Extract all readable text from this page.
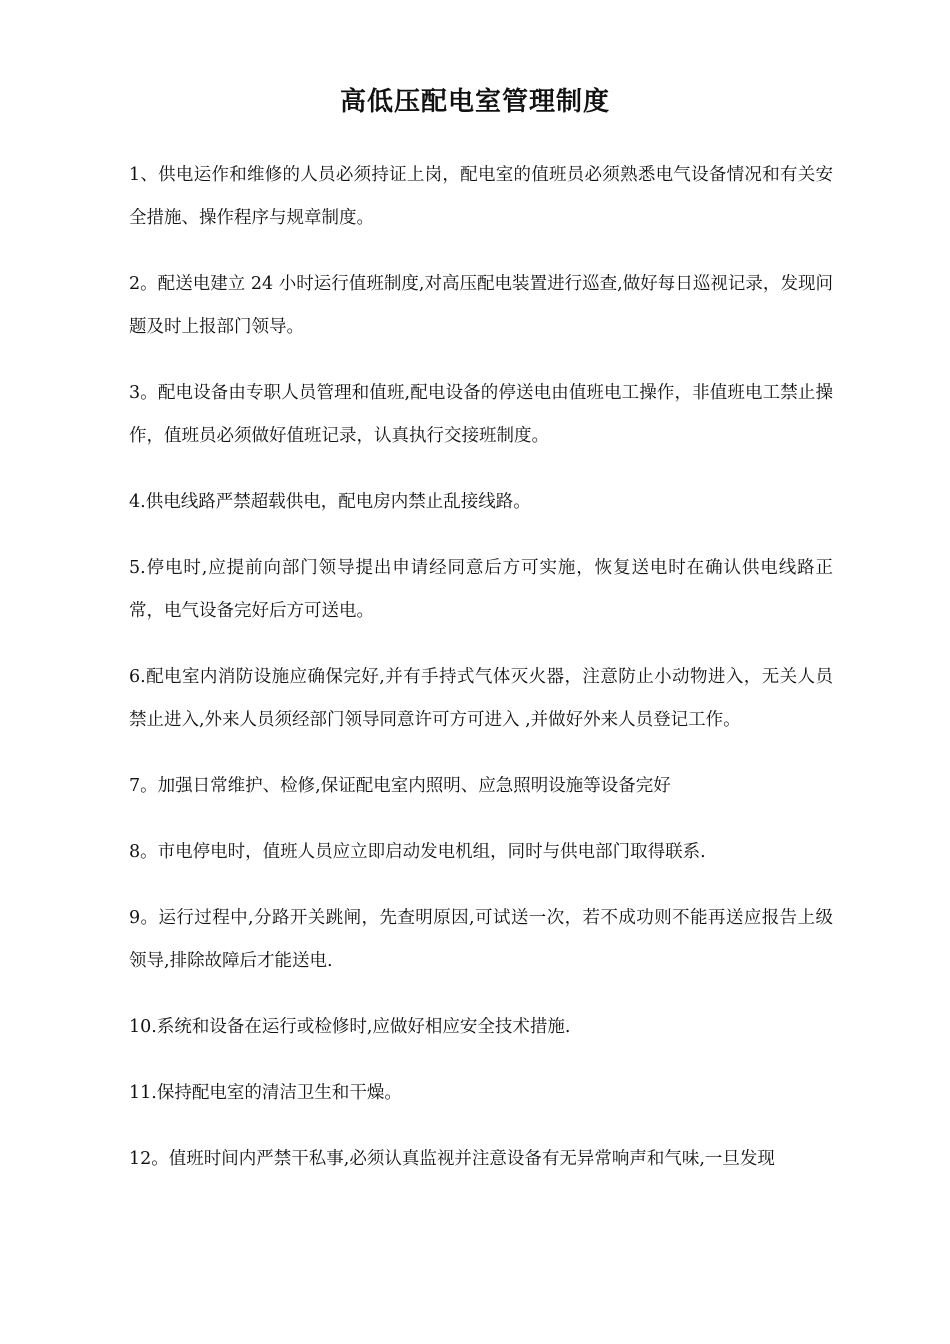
高低压配电室管理制度

1、供电运作和维修的人员必须持证上岗，配电室的值班员必须熟悉电气设备情况和有关安全措施、操作程序与规章制度。

2。配送电建立 24 小时运行值班制度,对高压配电装置进行巡查,做好每日巡视记录，发现问题及时上报部门领导。

3。配电设备由专职人员管理和值班,配电设备的停送电由值班电工操作，非值班电工禁止操作，值班员必须做好值班记录，认真执行交接班制度。

4.供电线路严禁超载供电，配电房内禁止乱接线路。

5.停电时,应提前向部门领导提出申请经同意后方可实施，恢复送电时在确认供电线路正常，电气设备完好后方可送电。

6.配电室内消防设施应确保完好,并有手持式气体灭火器，注意防止小动物进入，无关人员禁止进入,外来人员须经部门领导同意许可方可进入 ,并做好外来人员登记工作。

7。加强日常维护、检修,保证配电室内照明、应急照明设施等设备完好

8。市电停电时，值班人员应立即启动发电机组，同时与供电部门取得联系.

9。运行过程中,分路开关跳闸，先查明原因,可试送一次，若不成功则不能再送应报告上级领导,排除故障后才能送电.

10.系统和设备在运行或检修时,应做好相应安全技术措施.

11.保持配电室的清洁卫生和干燥。

12。值班时间内严禁干私事,必须认真监视并注意设备有无异常响声和气味,一旦发现
